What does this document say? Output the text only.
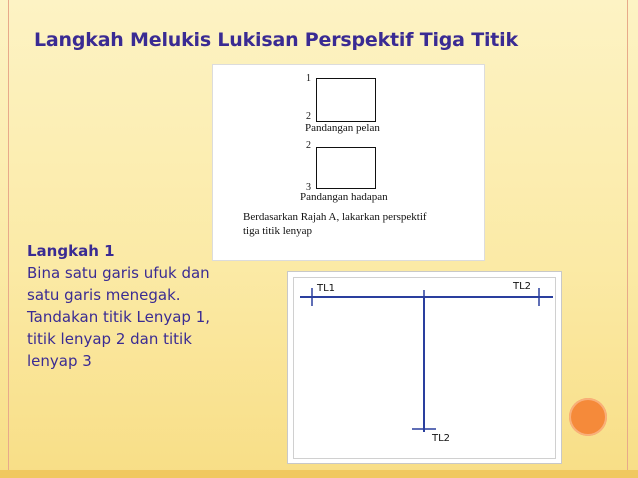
Langkah Melukis Lukisan Perspektif Tiga Titik
1
2
Pandangan pelan
2
3
Pandangan hadapan
Berdasarkan Rajah A, lakarkan perspektif
tiga titik lenyap
Langkah 1
Bina satu garis ufuk dan
satu garis menegak.
Tandakan titik Lenyap 1,
titik lenyap 2 dan titik
lenyap 3
TL1	TL2
TL2
